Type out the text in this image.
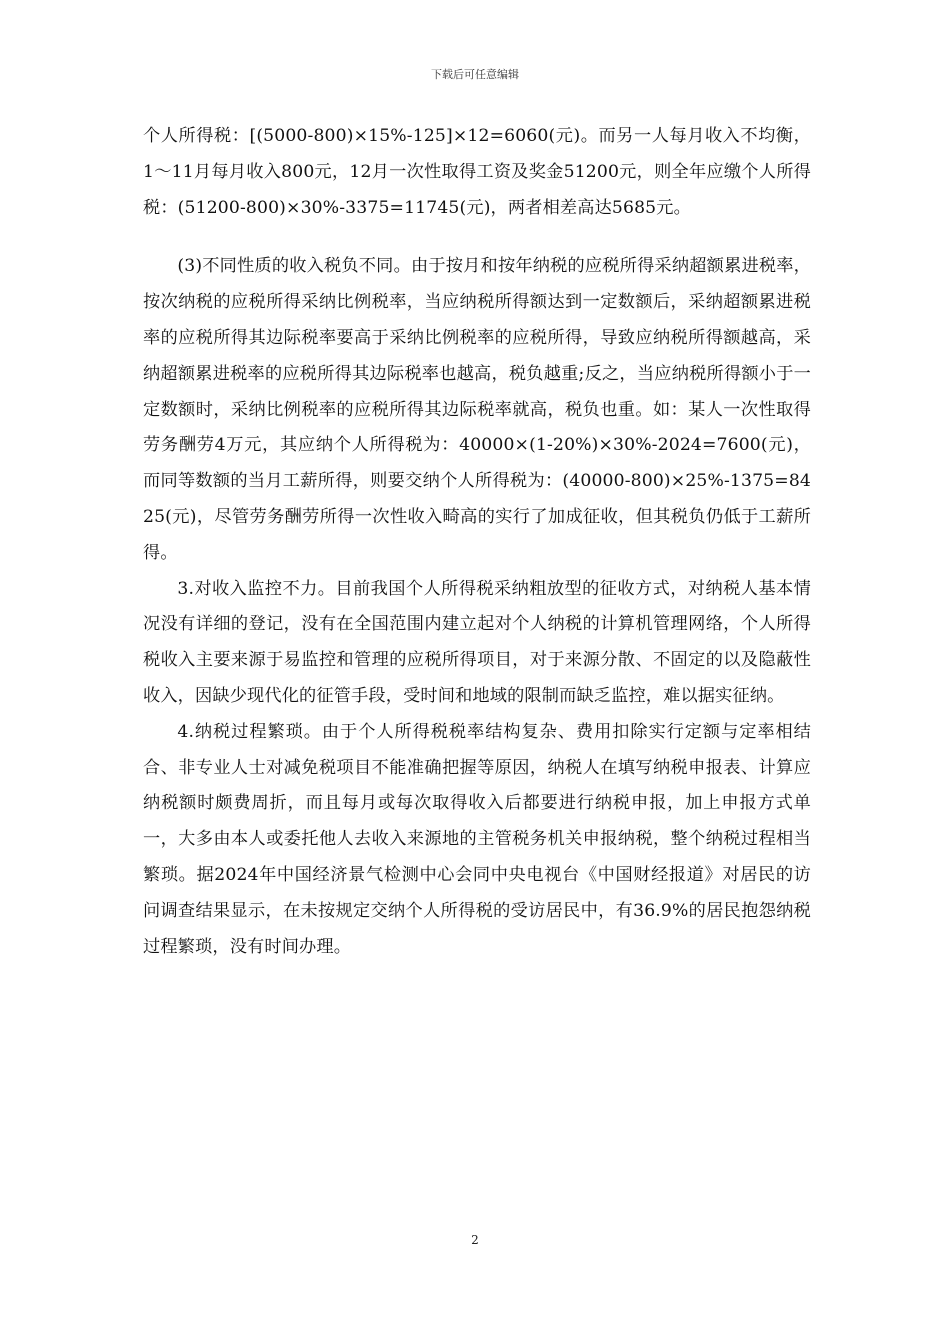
下载后可任意编辑

个人所得税：[(5000-800)×15%-125]×12=6060(元)。而另一人每月收入不均衡，1～11月每月收入800元，12月一次性取得工资及奖金51200元，则全年应缴个人所得税：(51200-800)×30%-3375=11745(元)，两者相差高达5685元。

(3)不同性质的收入税负不同。由于按月和按年纳税的应税所得采纳超额累进税率，按次纳税的应税所得采纳比例税率，当应纳税所得额达到一定数额后，采纳超额累进税率的应税所得其边际税率要高于采纳比例税率的应税所得，导致应纳税所得额越高，采纳超额累进税率的应税所得其边际税率也越高，税负越重;反之，当应纳税所得额小于一定数额时，采纳比例税率的应税所得其边际税率就高，税负也重。如：某人一次性取得劳务酬劳4万元，其应纳个人所得税为：40000×(1-20%)×30%-2024=7600(元)，而同等数额的当月工薪所得，则要交纳个人所得税为：(40000-800)×25%-1375=8425(元)，尽管劳务酬劳所得一次性收入畸高的实行了加成征收，但其税负仍低于工薪所得。

3.对收入监控不力。目前我国个人所得税采纳粗放型的征收方式，对纳税人基本情况没有详细的登记，没有在全国范围内建立起对个人纳税的计算机管理网络，个人所得税收入主要来源于易监控和管理的应税所得项目，对于来源分散、不固定的以及隐蔽性收入，因缺少现代化的征管手段，受时间和地域的限制而缺乏监控，难以据实征纳。

4.纳税过程繁琐。由于个人所得税税率结构复杂、费用扣除实行定额与定率相结合、非专业人士对减免税项目不能准确把握等原因，纳税人在填写纳税申报表、计算应纳税额时颇费周折，而且每月或每次取得收入后都要进行纳税申报，加上申报方式单一，大多由本人或委托他人去收入来源地的主管税务机关申报纳税，整个纳税过程相当繁琐。据2024年中国经济景气检测中心会同中央电视台《中国财经报道》对居民的访问调查结果显示，在未按规定交纳个人所得税的受访居民中，有36.9%的居民抱怨纳税过程繁琐，没有时间办理。

2
